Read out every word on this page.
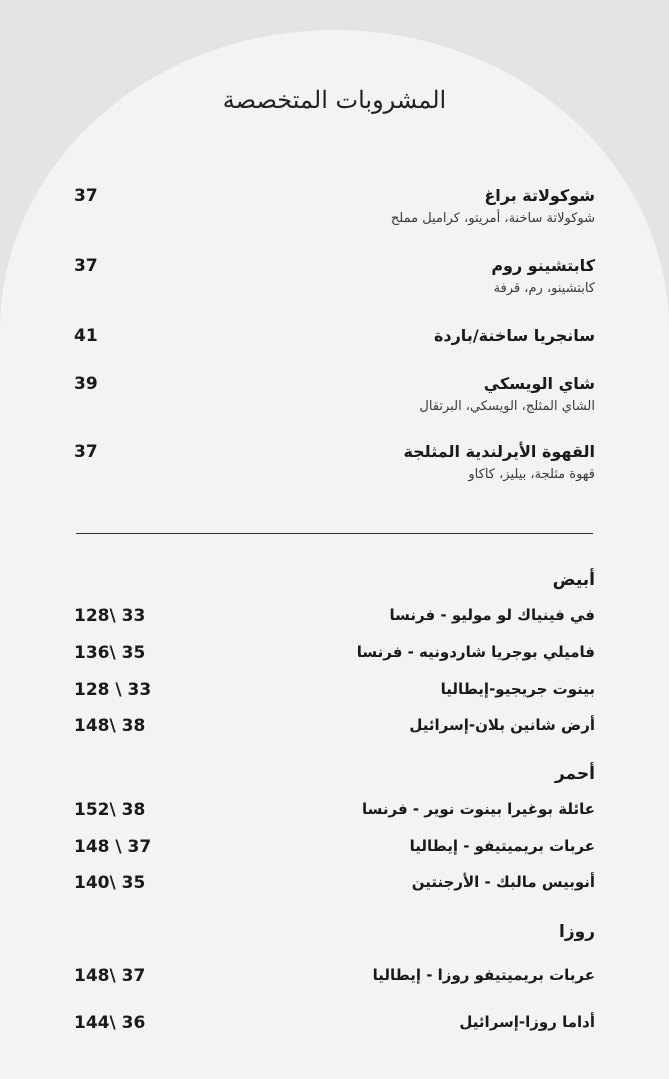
المشروبات المتخصصة
شوكولاتة براغ
شوكولاتة ساخنة، أمريتو، كراميل مملح
37
كابتشينو روم
كابتشينو، رم، قرفة
37
سانجريا ساخنة/باردة
41
شاي الويسكي
الشاي المثلج، الويسكي، البرتقال
39
القهوة الأيرلندية المثلجة
قهوة مثلجة، بيليز، كاكاو
37
أبيض
في فينياك لو موليو - فرنسا
128\ 33
فاميلي بوجريا شاردونيه - فرنسا
136\ 35
بينوت جريجيو-إيطاليا
128 \ 33
أرض شانين بلان-إسرائيل
148\ 38
أحمر
عائلة بوغيرا بينوت نوير - فرنسا
152\ 38
عربات بريميتيفو - إيطاليا
148 \ 37
أنوبيس مالبك - الأرجنتين
140\ 35
روزا
عربات بريميتيفو روزا - إيطاليا
148\ 37
أداما روزا-إسرائيل
144\ 36
